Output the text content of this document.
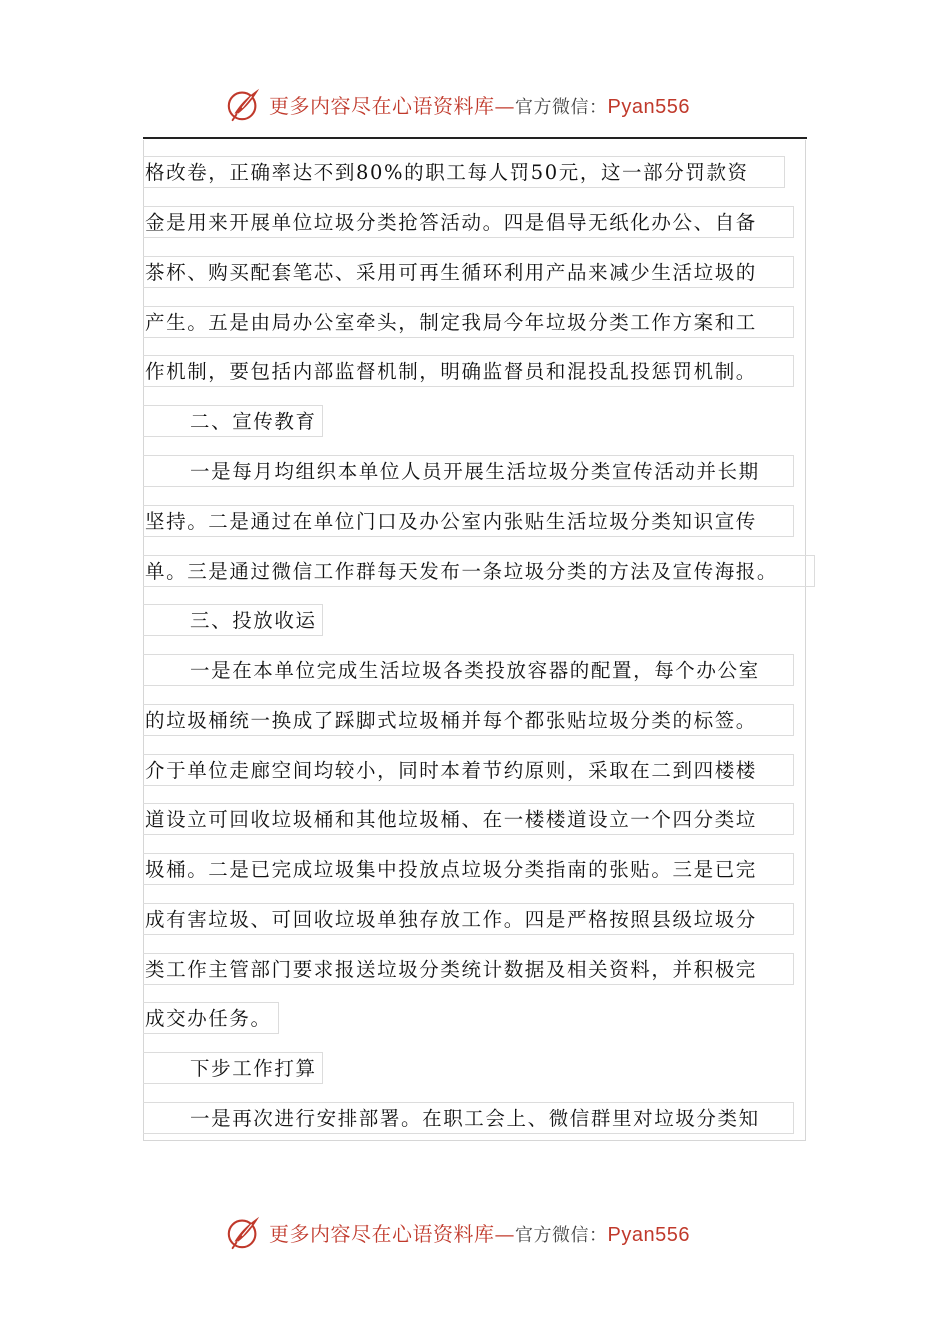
更多内容尽在心语资料库—官方微信：Pyan556
格改卷，正确率达不到80%的职工每人罚50元，这一部分罚款资
金是用来开展单位垃圾分类抢答活动。四是倡导无纸化办公、自备
茶杯、购买配套笔芯、采用可再生循环利用产品来减少生活垃圾的
产生。五是由局办公室牵头，制定我局今年垃圾分类工作方案和工
作机制，要包括内部监督机制，明确监督员和混投乱投惩罚机制。
二、宣传教育
一是每月均组织本单位人员开展生活垃圾分类宣传活动并长期
坚持。二是通过在单位门口及办公室内张贴生活垃圾分类知识宣传
单。三是通过微信工作群每天发布一条垃圾分类的方法及宣传海报。
三、投放收运
一是在本单位完成生活垃圾各类投放容器的配置，每个办公室
的垃圾桶统一换成了踩脚式垃圾桶并每个都张贴垃圾分类的标签。
介于单位走廊空间均较小，同时本着节约原则，采取在二到四楼楼
道设立可回收垃圾桶和其他垃圾桶、在一楼楼道设立一个四分类垃
圾桶。二是已完成垃圾集中投放点垃圾分类指南的张贴。三是已完
成有害垃圾、可回收垃圾单独存放工作。四是严格按照县级垃圾分
类工作主管部门要求报送垃圾分类统计数据及相关资料，并积极完
成交办任务。
下步工作打算
一是再次进行安排部署。在职工会上、微信群里对垃圾分类知
更多内容尽在心语资料库—官方微信：Pyan556
